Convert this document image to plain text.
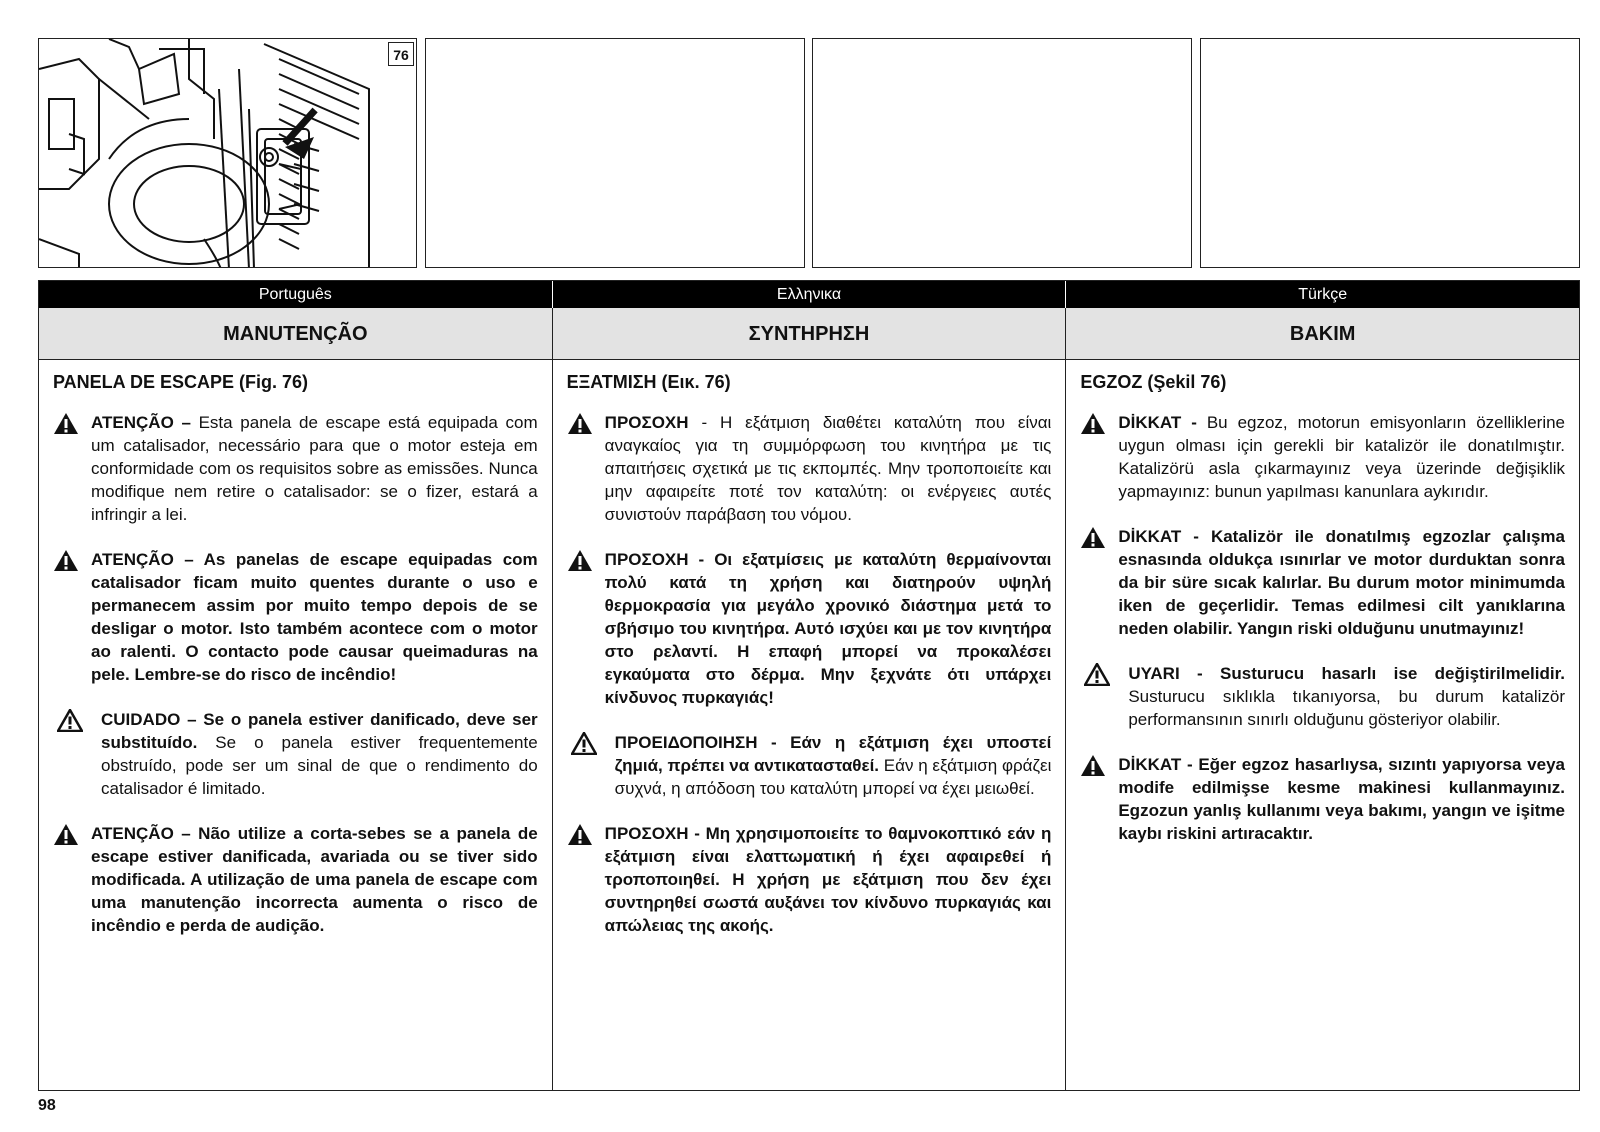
76
Português	Ελληνικα	Türkçe
MANUTENÇÃO	ΣΥΝΤΗΡΗΣΗ	BAKIM
PANELA DE ESCAPE (Fig. 76)
ATENÇÃO – Esta panela de escape está equipada com um catalisador, necessário para que o motor esteja em conformidade com os requisitos sobre as emissões. Nunca modifique nem retire o catalisador: se o fizer, estará a infringir a lei.
ATENÇÃO – As panelas de escape equipadas com catalisador ficam muito quentes durante o uso e permanecem assim por muito tempo depois de se desligar o motor. Isto também acontece com o motor ao ralenti. O contacto pode causar queimaduras na pele. Lembre-se do risco de incêndio!
CUIDADO – Se o panela estiver danificado, deve ser substituído. Se o panela estiver frequentemente obstruído, pode ser um sinal de que o rendimento do catalisador é limitado.
ATENÇÃO – Não utilize a corta-sebes se a panela de escape estiver danificada, avariada ou se tiver sido modificada. A utilização de uma panela de escape com uma manutenção incorrecta aumenta o risco de incêndio e perda de audição.
ΕΞΑΤΜΙΣΗ (Εικ. 76)
ΠΡΟΣΟΧΗ - Η εξάτμιση διαθέτει καταλύτη που είναι αναγκαίος για τη συμμόρφωση του κινητήρα με τις απαιτήσεις σχετικά με τις εκπομπές. Μην τροποποιείτε και μην αφαιρείτε ποτέ τον καταλύτη: οι ενέργειες αυτές συνιστούν παράβαση του νόμου.
ΠΡΟΣΟΧΗ - Οι εξατμίσεις με καταλύτη θερμαίνονται πολύ κατά τη χρήση και διατηρούν υψηλή θερμοκρασία για μεγάλο χρονικό διάστημα μετά το σβήσιμο του κινητήρα. Αυτό ισχύει και με τον κινητήρα στο ρελαντί. Η επαφή μπορεί να προκαλέσει εγκαύματα στο δέρμα. Μην ξεχνάτε ότι υπάρχει κίνδυνος πυρκαγιάς!
ΠΡΟΕΙΔΟΠΟΙΗΣΗ - Εάν η εξάτμιση έχει υποστεί ζημιά, πρέπει να αντικατασταθεί. Εάν η εξάτμιση φράζει συχνά, η απόδοση του καταλύτη μπορεί να έχει μειωθεί.
ΠΡΟΣΟΧΗ - Μη χρησιμοποιείτε το θαμνοκοπτικό εάν η εξάτμιση είναι ελαττωματική ή έχει αφαιρεθεί ή τροποποιηθεί. Η χρήση με εξάτμιση που δεν έχει συντηρηθεί σωστά αυξάνει τον κίνδυνο πυρκαγιάς και απώλειας της ακοής.
EGZOZ (Şekil 76)
DİKKAT - Bu egzoz, motorun emisyonların özelliklerine uygun olması için gerekli bir katalizör ile donatılmıştır. Katalizörü asla çıkarmayınız veya üzerinde değişiklik yapmayınız: bunun yapılması kanunlara aykırıdır.
DİKKAT - Katalizör ile donatılmış egzozlar çalışma esnasında oldukça ısınırlar ve motor durduktan sonra da bir süre sıcak kalırlar. Bu durum motor minimumda iken de geçerlidir. Temas edilmesi cilt yanıklarına neden olabilir. Yangın riski olduğunu unutmayınız!
UYARI - Susturucu hasarlı ise değiştirilmelidir. Susturucu sıklıkla tıkanıyorsa, bu durum katalizör performansının sınırlı olduğunu gösteriyor olabilir.
DİKKAT - Eğer egzoz hasarlıysa, sızıntı yapıyorsa veya modife edilmişse kesme makinesi kullanmayınız. Egzozun yanlış kullanımı veya bakımı, yangın ve işitme kaybı riskini artıracaktır.
98
